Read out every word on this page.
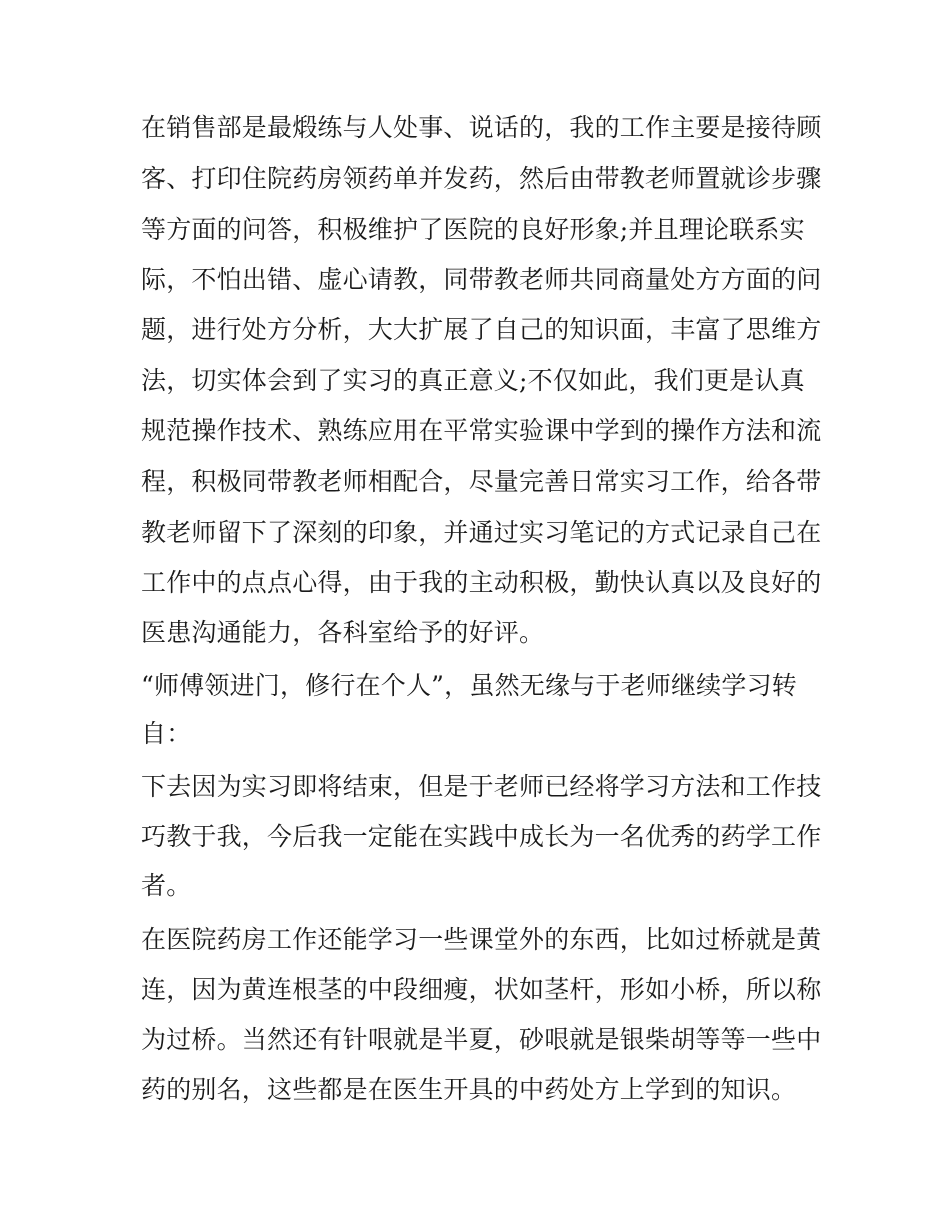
在销售部是最煅练与人处事、说话的，我的工作主要是接待顾

客、打印住院药房领药单并发药，然后由带教老师置就诊步骤

等方面的问答，积极维护了医院的良好形象;并且理论联系实

际，不怕出错、虚心请教，同带教老师共同商量处方方面的问

题，进行处方分析，大大扩展了自己的知识面，丰富了思维方

法，切实体会到了实习的真正意义;不仅如此，我们更是认真

规范操作技术、熟练应用在平常实验课中学到的操作方法和流

程，积极同带教老师相配合，尽量完善日常实习工作，给各带

教老师留下了深刻的印象，并通过实习笔记的方式记录自己在

工作中的点点心得，由于我的主动积极，勤快认真以及良好的

医患沟通能力，各科室给予的好评。

“师傅领进门，修行在个人”，虽然无缘与于老师继续学习转

自：

下去因为实习即将结束，但是于老师已经将学习方法和工作技

巧教于我，今后我一定能在实践中成长为一名优秀的药学工作

者。

在医院药房工作还能学习一些课堂外的东西，比如过桥就是黄

连，因为黄连根茎的中段细瘦，状如茎杆，形如小桥，所以称

为过桥。当然还有针哏就是半夏，砂哏就是银柴胡等等一些中

药的别名，这些都是在医生开具的中药处方上学到的知识。
